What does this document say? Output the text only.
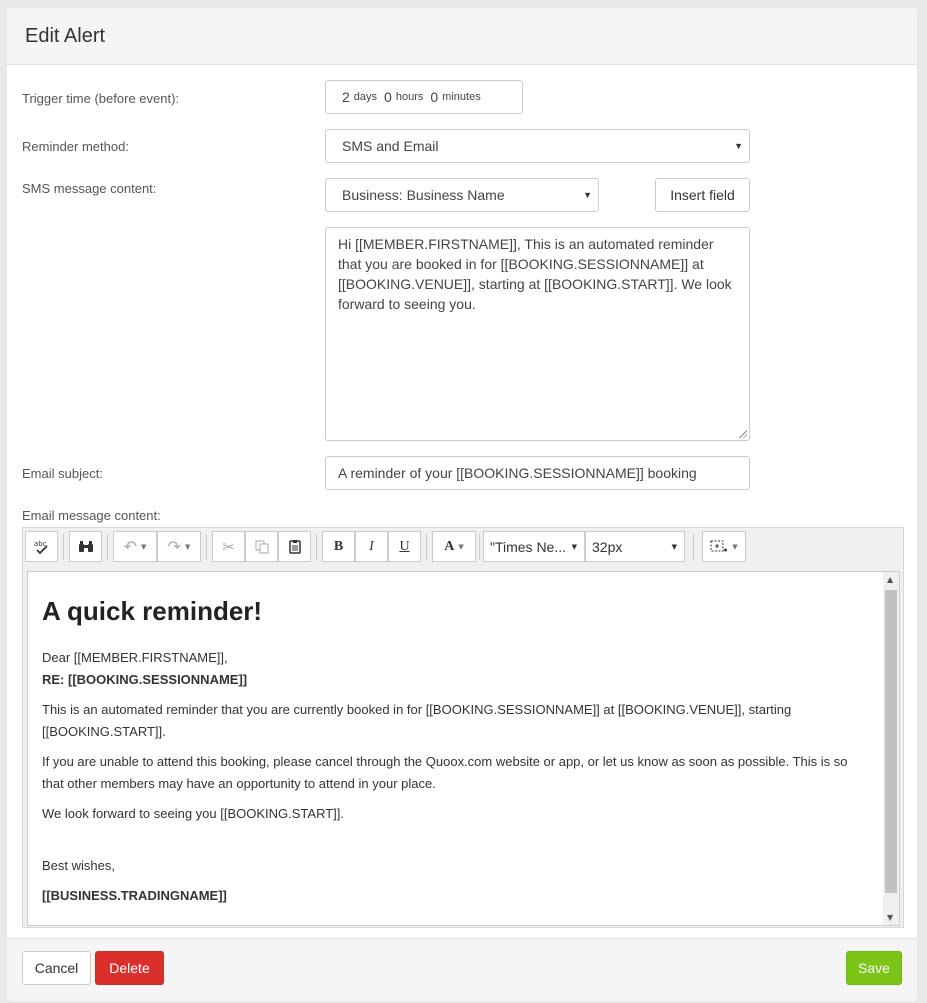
Edit Alert
Trigger time (before event):	2 days 0 hours 0 minutes
Reminder method:	SMS and Email	▼
SMS message content:	Business: Business Name	▼	Insert field
Hi [[MEMBER.FIRSTNAME]], This is an automated reminder that you are booked in for [[BOOKING.SESSIONNAME]] at [[BOOKING.VENUE]], starting at [[BOOKING.START]]. We look forward to seeing you.
Email subject:	A reminder of your [[BOOKING.SESSIONNAME]] booking
Email message content:
abc	↶ ▼ ↷ ▼ ✂	B	I	U	A ▼ "Times Ne... ▼ 32px	▼	▼
A quick reminder!

Dear [[MEMBER.FIRSTNAME]],

RE: [[BOOKING.SESSIONNAME]]

This is an automated reminder that you are currently booked in for [[BOOKING.SESSIONNAME]] at [[BOOKING.VENUE]], starting [[BOOKING.START]].

If you are unable to attend this booking, please cancel through the Quoox.com website or app, or let us know as soon as possible. This is so that other members may have an opportunity to attend in your place.

We look forward to seeing you [[BOOKING.START]].

Best wishes,

[[BUSINESS.TRADINGNAME]]

▲
▼
Cancel	Delete	Save
